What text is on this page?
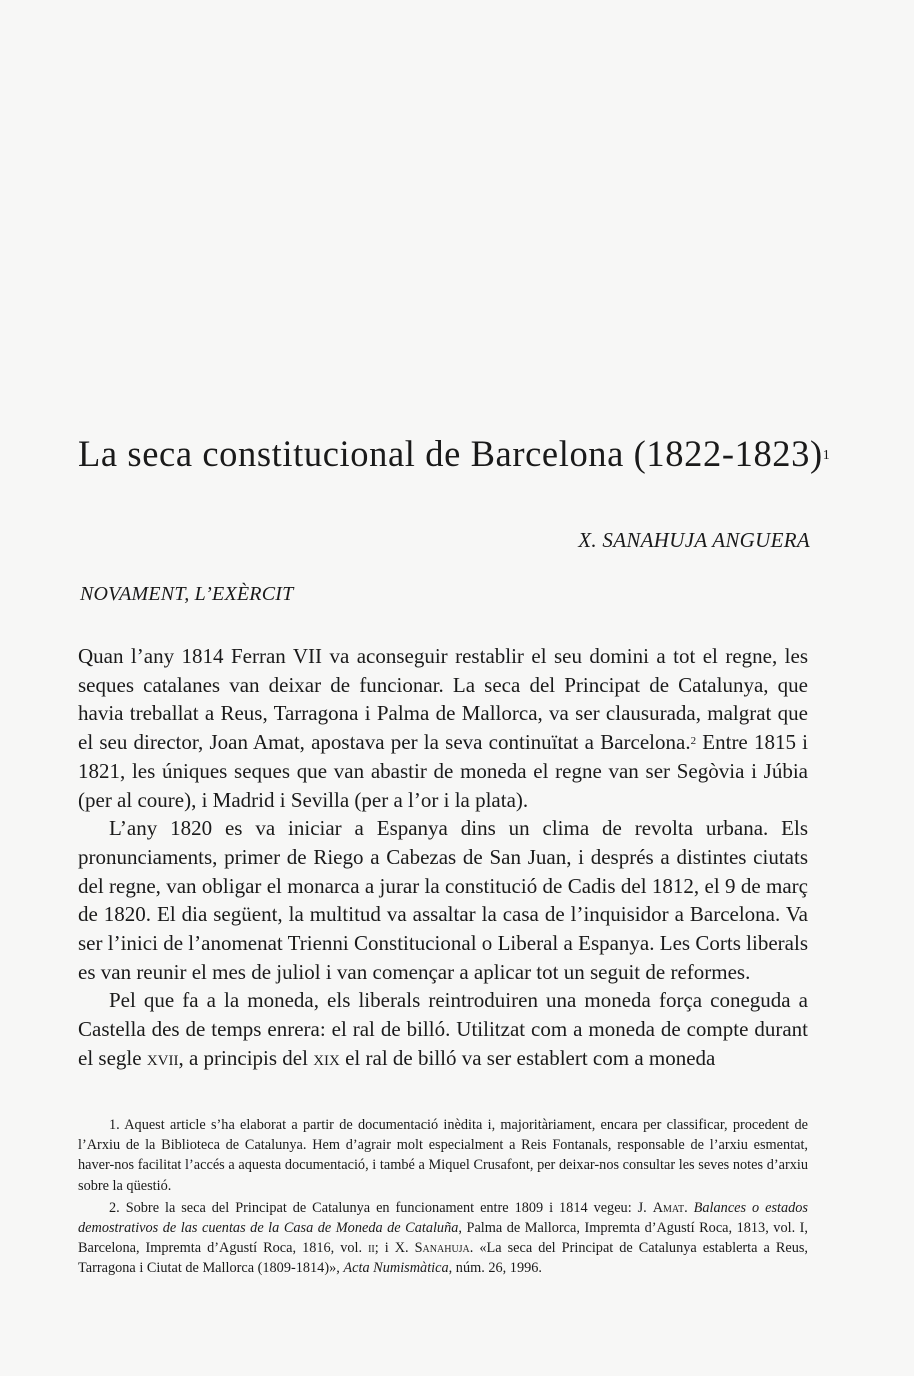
La seca constitucional de Barcelona (1822-1823)$^1$
X. SANAHUJA ANGUERA
NOVAMENT, L’EXÈRCIT

Quan l’any 1814 Ferran VII va aconseguir restablir el seu domini a tot el regne, les seques catalanes van deixar de funcionar. La seca del Principat de Catalunya, que havia treballat a Reus, Tarragona i Palma de Mallorca, va ser clausurada, malgrat que el seu director, Joan Amat, apostava per la seva continuïtat a Barcelona.$^2$ Entre 1815 i 1821, les úniques seques que van abastir de moneda el regne van ser Segòvia i Júbia (per al coure), i Madrid i Sevilla (per a l’or i la plata).

L’any 1820 es va iniciar a Espanya dins un clima de revolta urbana. Els pronunciaments, primer de Riego a Cabezas de San Juan, i després a distintes ciutats del regne, van obligar el monarca a jurar la constitució de Cadis del 1812, el 9 de març de 1820. El dia següent, la multitud va assaltar la casa de l’inquisidor a Barcelona. Va ser l’inici de l’anomenat Trienni Constitucional o Liberal a Espanya. Les Corts liberals es van reunir el mes de juliol i van començar a aplicar tot un seguit de reformes.

Pel que fa a la moneda, els liberals reintroduiren una moneda força coneguda a Castella des de temps enrera: el ral de billó. Utilitzat com a moneda de compte durant el segle xvii, a principis del xix el ral de billó va ser establert com a moneda

1. Aquest article s’ha elaborat a partir de documentació inèdita i, majoritàriament, encara per classificar, procedent de l’Arxiu de la Biblioteca de Catalunya. Hem d’agrair molt especialment a Reis Fontanals, responsable de l’arxiu esmentat, haver-nos facilitat l’accés a aquesta documentació, i també a Miquel Crusafont, per deixar-nos consultar les seves notes d’arxiu sobre la qüestió.

2. Sobre la seca del Principat de Catalunya en funcionament entre 1809 i 1814 vegeu: J. Amat. Balances o estados demostrativos de las cuentas de la Casa de Moneda de Cataluña, Palma de Mallorca, Impremta d’Agustí Roca, 1813, vol. I, Barcelona, Impremta d’Agustí Roca, 1816, vol. ii; i X. Sanahuja. «La seca del Principat de Catalunya establerta a Reus, Tarragona i Ciutat de Mallorca (1809-1814)», Acta Numismàtica, núm. 26, 1996.
